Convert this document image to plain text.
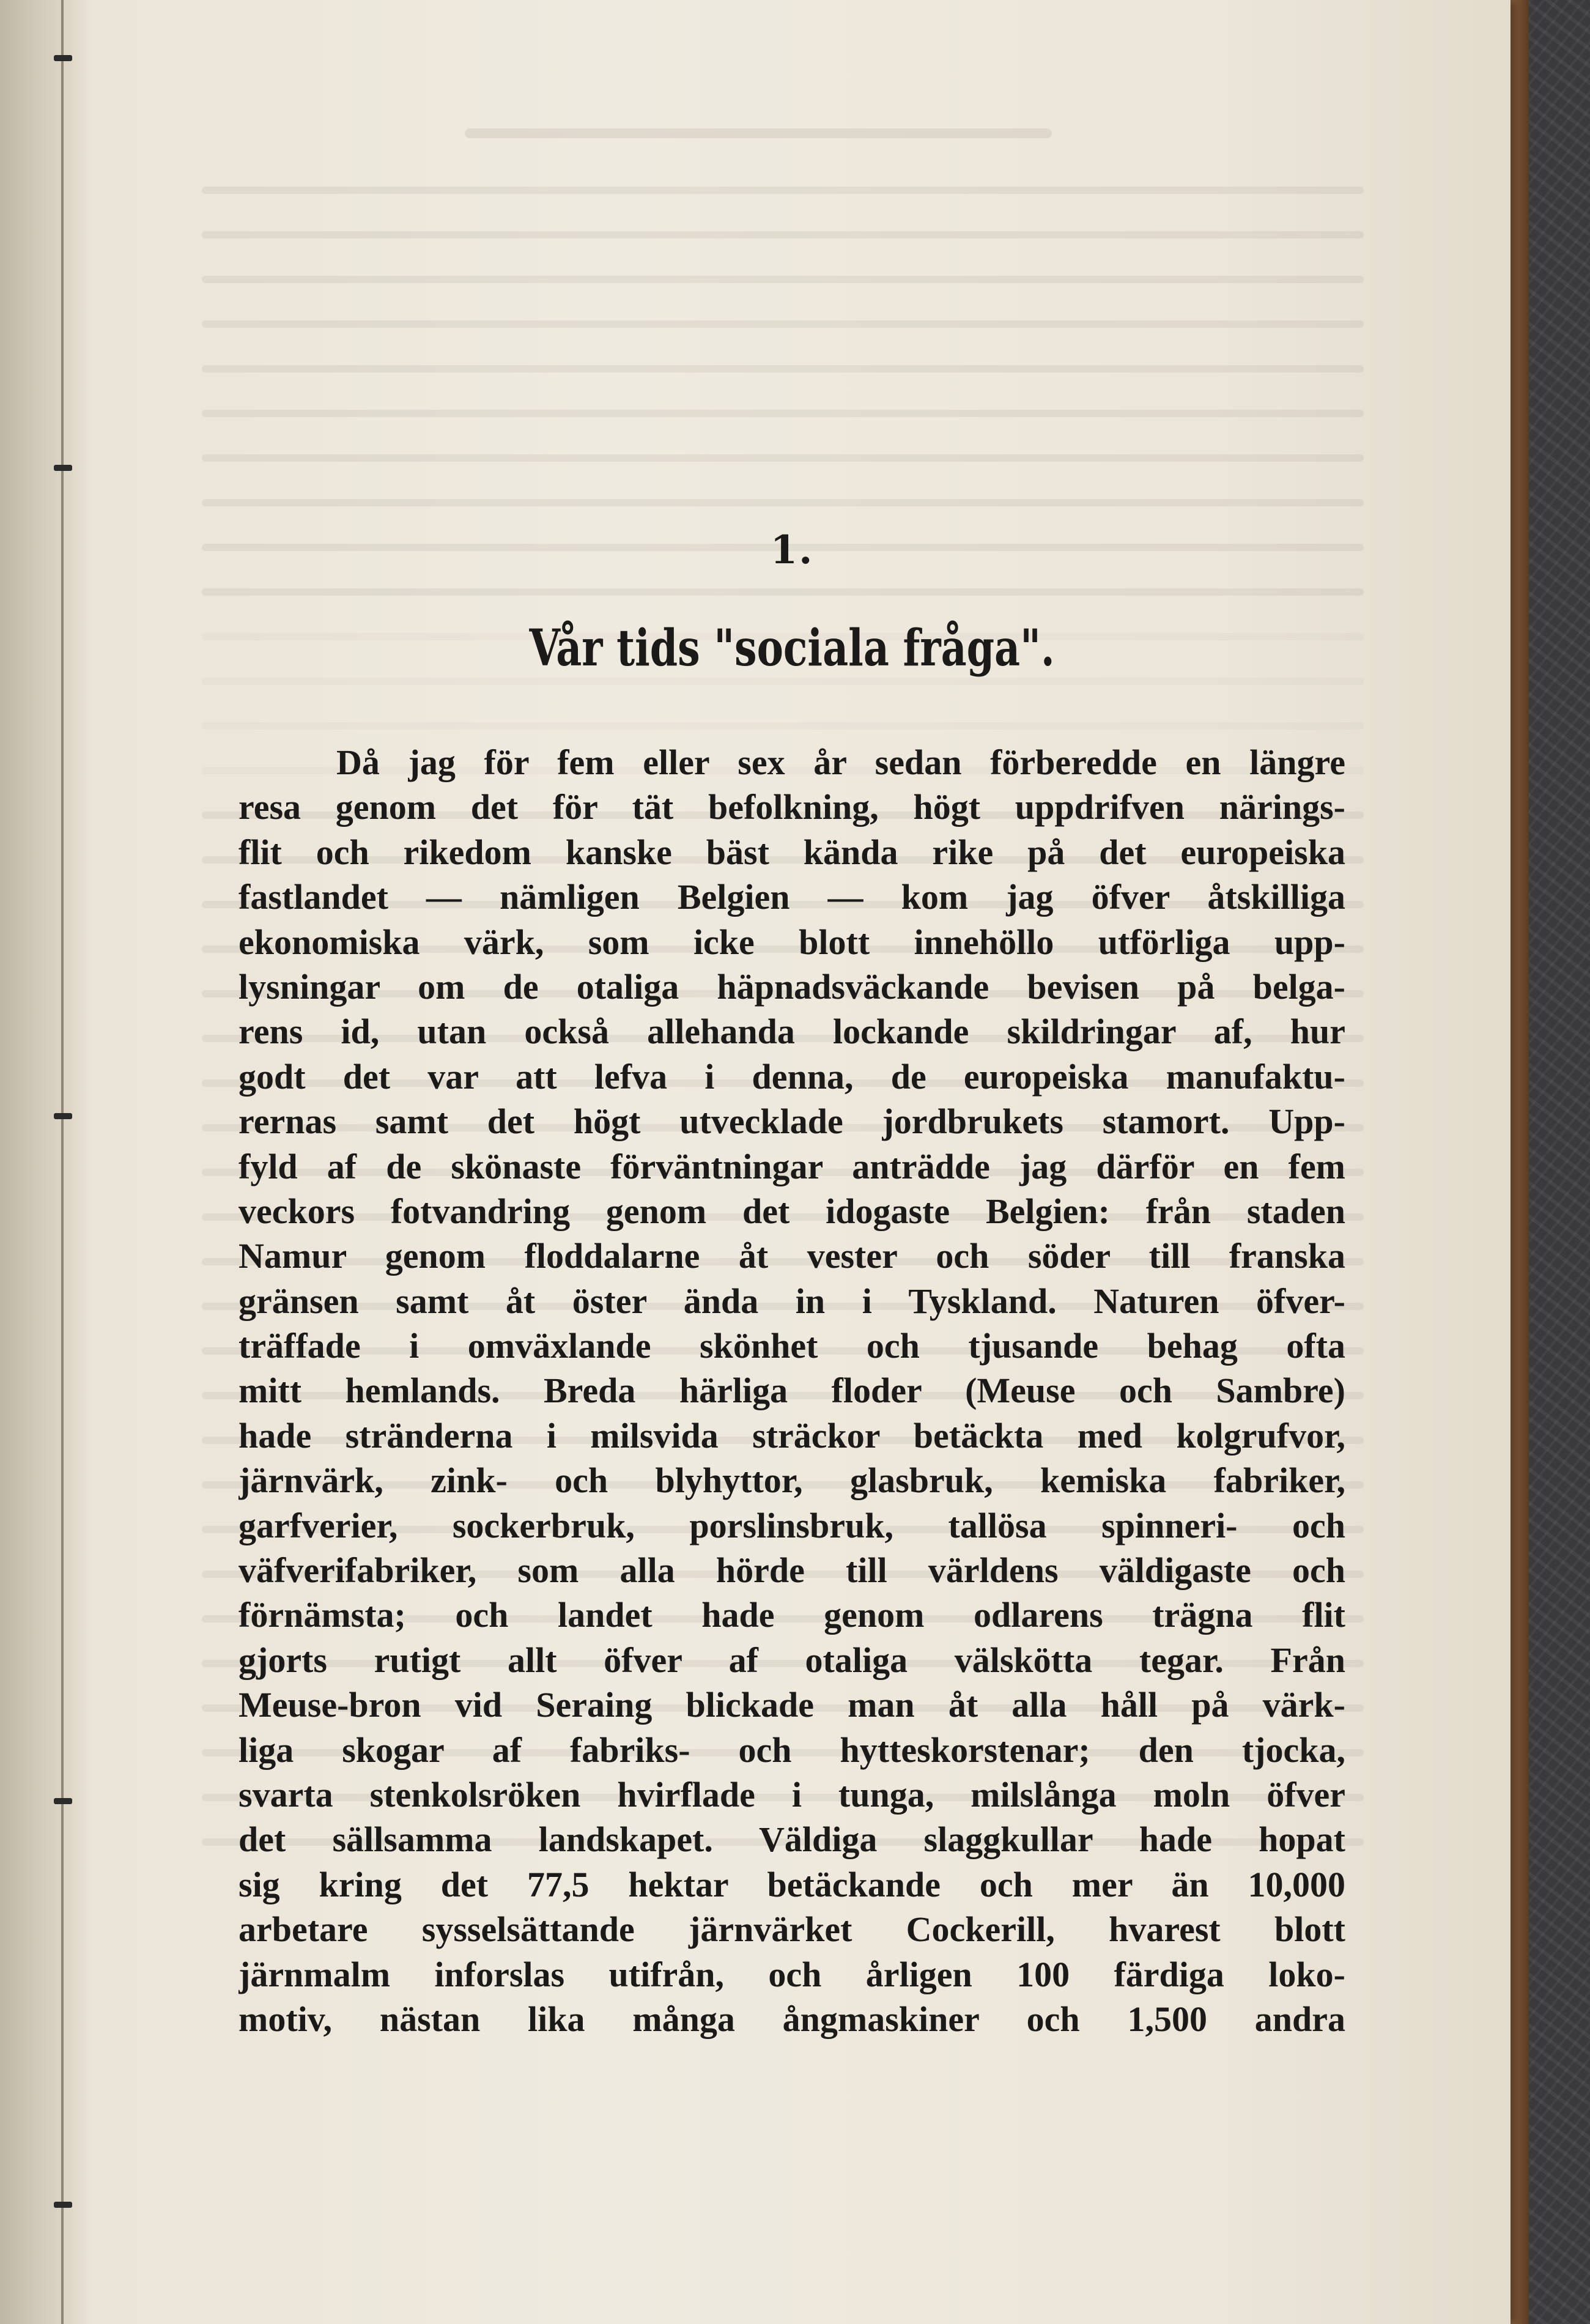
1.

Vår tids "sociala fråga".

Då jag för fem eller sex år sedan förberedde en längre
resa genom det för tät befolkning, högt uppdrifven närings-
flit och rikedom kanske bäst kända rike på det europeiska
fastlandet — nämligen Belgien — kom jag öfver åtskilliga
ekonomiska värk, som icke blott innehöllo utförliga upp-
lysningar om de otaliga häpnadsväckande bevisen på belga-
rens id, utan också allehanda lockande skildringar af, hur
godt det var att lefva i denna, de europeiska manufaktu-
rernas samt det högt utvecklade jordbrukets stamort. Upp-
fyld af de skönaste förväntningar anträdde jag därför en fem
veckors fotvandring genom det idogaste Belgien: från staden
Namur genom floddalarne åt vester och söder till franska
gränsen samt åt öster ända in i Tyskland. Naturen öfver-
träffade i omväxlande skönhet och tjusande behag ofta
mitt hemlands. Breda härliga floder (Meuse och Sambre)
hade stränderna i milsvida sträckor betäckta med kolgrufvor,
järnvärk, zink- och blyhyttor, glasbruk, kemiska fabriker,
garfverier, sockerbruk, porslinsbruk, tallösa spinneri- och
väfverifabriker, som alla hörde till världens väldigaste och
förnämsta; och landet hade genom odlarens trägna flit
gjorts rutigt allt öfver af otaliga välskötta tegar. Från
Meuse-bron vid Seraing blickade man åt alla håll på värk-
liga skogar af fabriks- och hytteskorstenar; den tjocka,
svarta stenkolsröken hvirflade i tunga, milslånga moln öfver
det sällsamma landskapet. Väldiga slaggkullar hade hopat
sig kring det 77,5 hektar betäckande och mer än 10,000
arbetare sysselsättande järnvärket Cockerill, hvarest blott
järnmalm inforslas utifrån, och årligen 100 färdiga loko-
motiv, nästan lika många ångmaskiner och 1,500 andra
